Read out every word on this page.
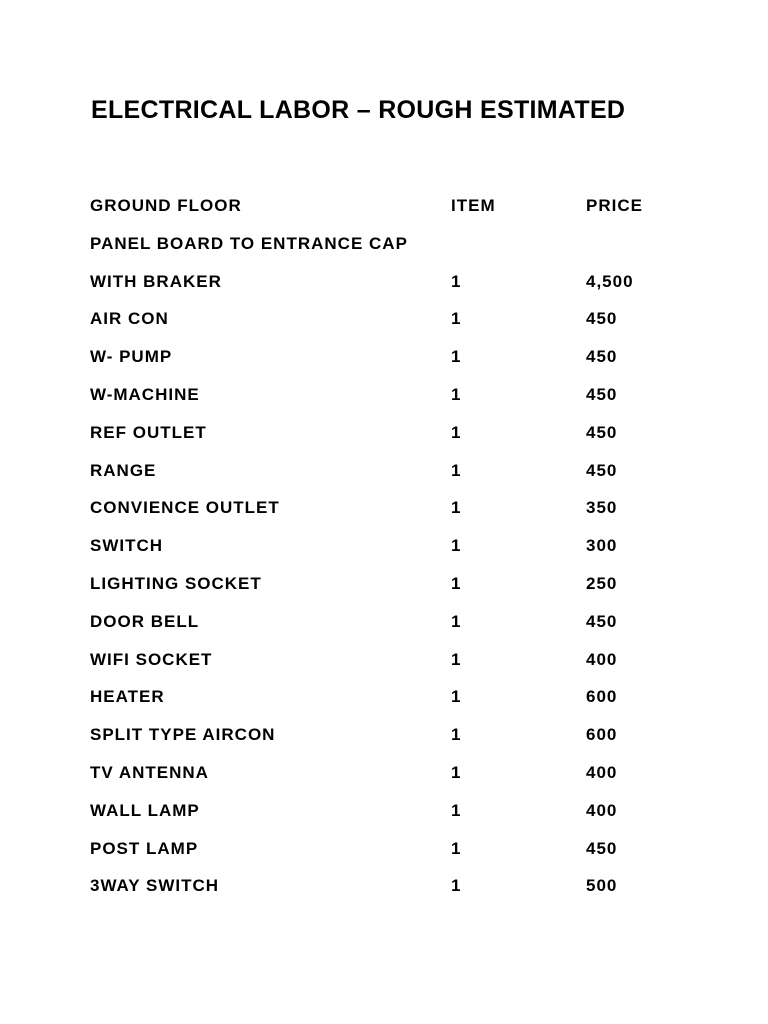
ELECTRICAL LABOR – ROUGH ESTIMATED
GROUND FLOOR	ITEM	PRICE
PANEL BOARD TO ENTRANCE CAP
WITH BRAKER	1	4,500
AIR CON	1	450
W- PUMP	1	450
W-MACHINE	1	450
REF OUTLET	1	450
RANGE	1	450
CONVIENCE OUTLET	1	350
SWITCH	1	300
LIGHTING SOCKET	1	250
DOOR BELL	1	450
WIFI SOCKET	1	400
HEATER	1	600
SPLIT TYPE AIRCON	1	600
TV ANTENNA	1	400
WALL LAMP	1	400
POST LAMP	1	450
3WAY SWITCH	1	500
